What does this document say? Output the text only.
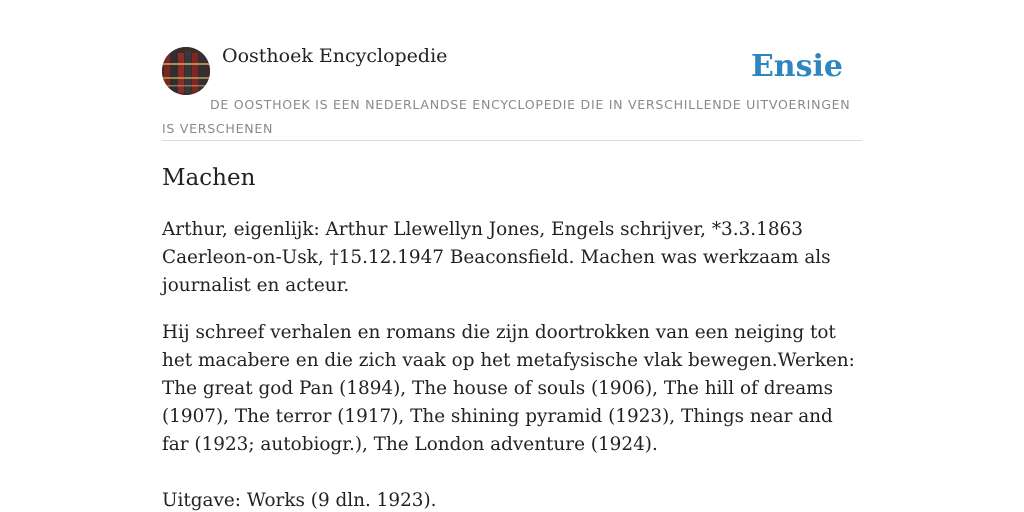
Oosthoek Encyclopedie	Ensie

DE OOSTHOEK IS EEN NEDERLANDSE ENCYCLOPEDIE DIE IN VERSCHILLENDE UITVOERINGEN IS VERSCHENEN

Machen

Arthur, eigenlijk: Arthur Llewellyn Jones, Engels schrijver, *3.3.1863 Caerleon-on-Usk, †15.12.1947 Beaconsfield. Machen was werkzaam als journalist en acteur.

Hij schreef verhalen en romans die zijn doortrokken van een neiging tot het macabere en die zich vaak op het metafysische vlak bewegen.Werken: The great god Pan (1894), The house of souls (1906), The hill of dreams (1907), The terror (1917), The shining pyramid (1923), Things near and far (1923; autobiogr.), The London adventure (1924).

Uitgave: Works (9 dln. 1923).
